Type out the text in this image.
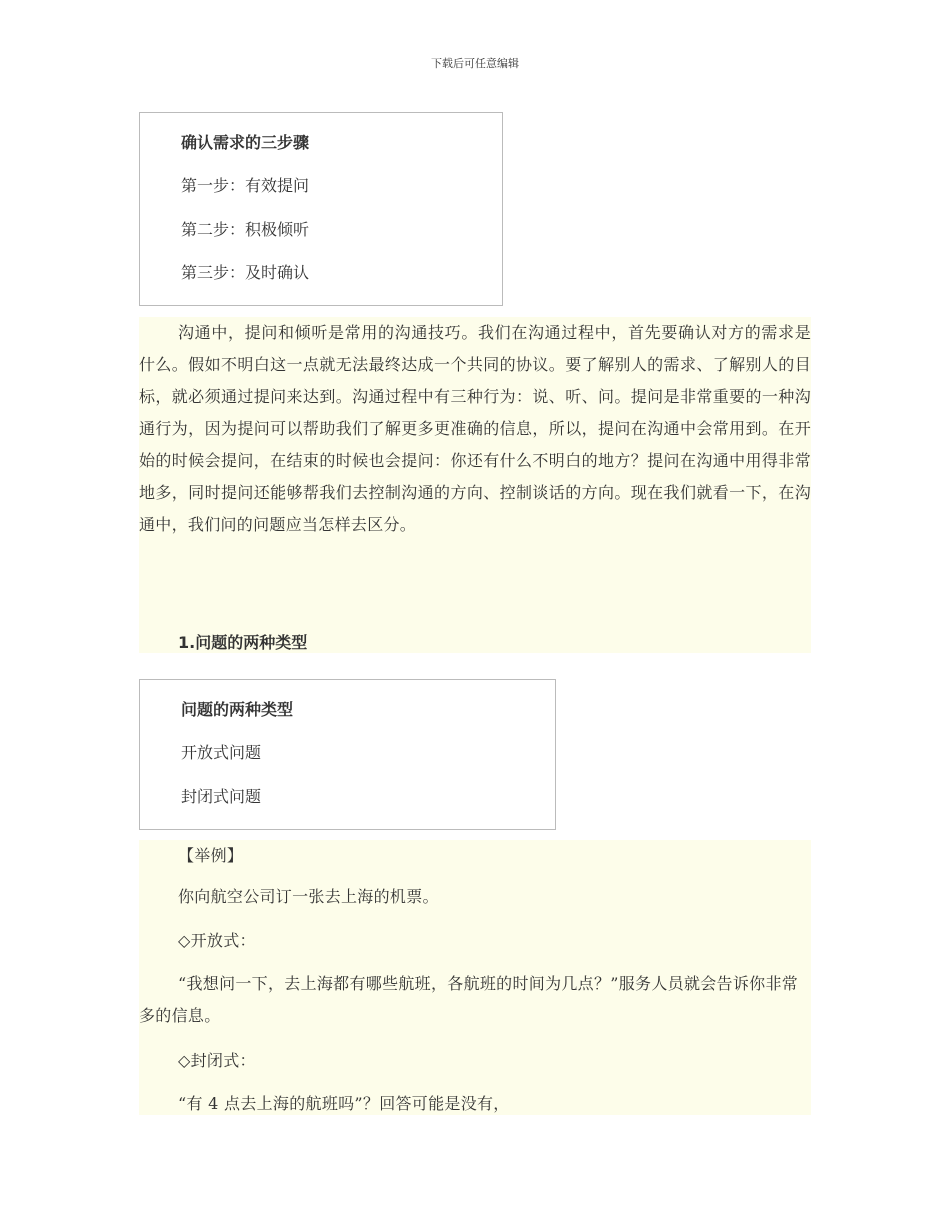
下载后可任意编辑
确认需求的三步骤
第一步：有效提问
第二步：积极倾听
第三步：及时确认

沟通中，提问和倾听是常用的沟通技巧。我们在沟通过程中，首先要确认对方的需求是什么。假如不明白这一点就无法最终达成一个共同的协议。要了解别人的需求、了解别人的目标，就必须通过提问来达到。沟通过程中有三种行为：说、听、问。提问是非常重要的一种沟通行为，因为提问可以帮助我们了解更多更准确的信息，所以，提问在沟通中会常用到。在开始的时候会提问，在结束的时候也会提问：你还有什么不明白的地方？提问在沟通中用得非常地多，同时提问还能够帮我们去控制沟通的方向、控制谈话的方向。现在我们就看一下，在沟通中，我们问的问题应当怎样去区分。

1.问题的两种类型
问题的两种类型
开放式问题
封闭式问题

【举例】

你向航空公司订一张去上海的机票。

◇开放式：

“我想问一下，去上海都有哪些航班，各航班的时间为几点？”服务人员就会告诉你非常多的信息。

◇封闭式：

“有 4 点去上海的航班吗”？回答可能是没有，
